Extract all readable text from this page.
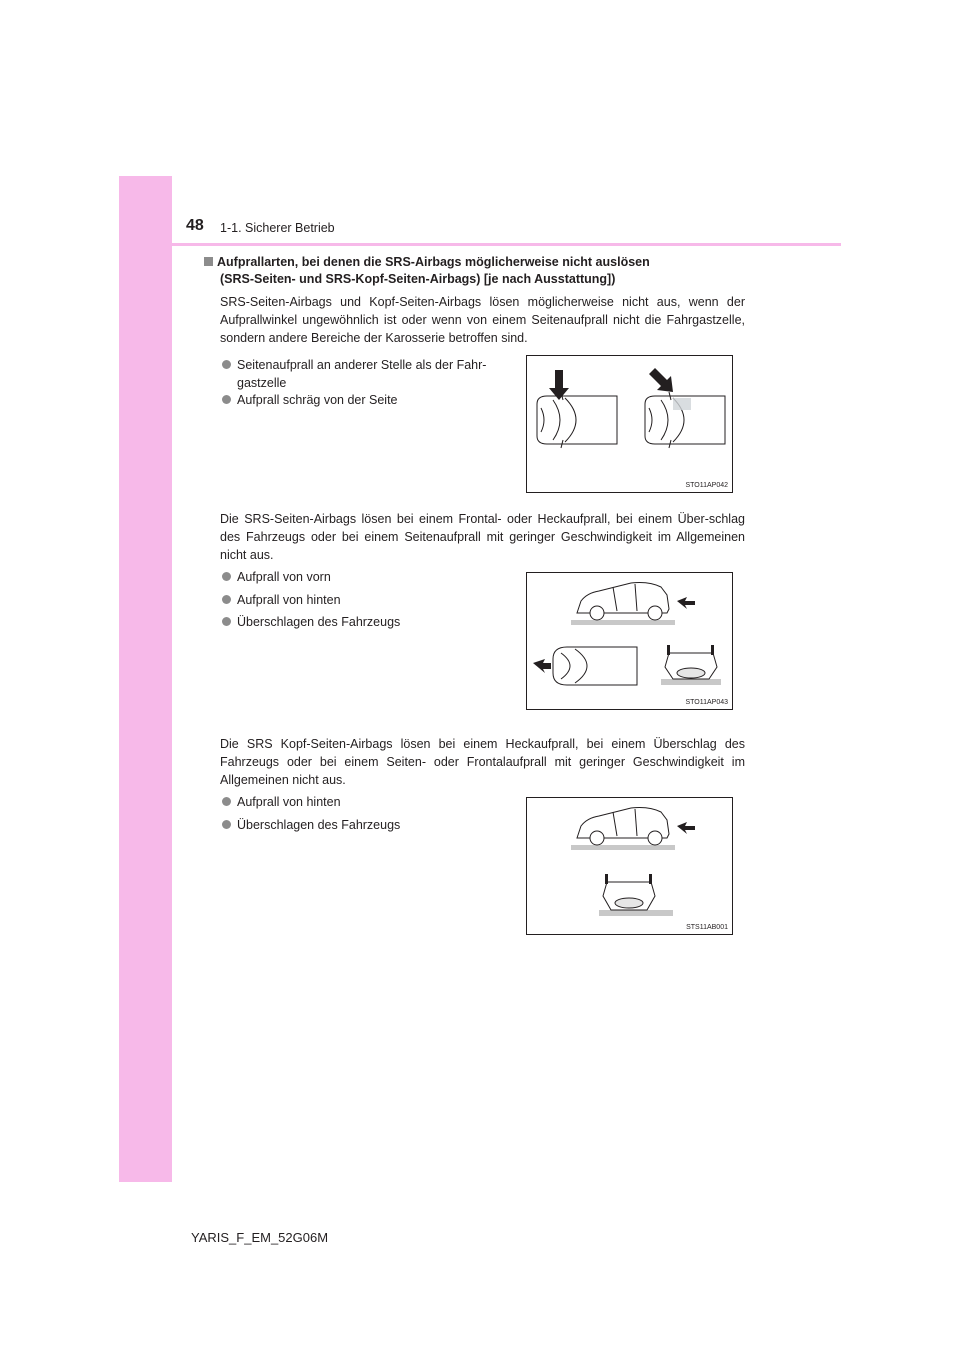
48 1-1. Sicherer Betrieb
Aufprallarten, bei denen die SRS-Airbags möglicherweise nicht auslösen
(SRS-Seiten- und SRS-Kopf-Seiten-Airbags) [je nach Ausstattung])
SRS-Seiten-Airbags und Kopf-Seiten-Airbags lösen möglicherweise nicht aus, wenn der Aufprallwinkel ungewöhnlich ist oder wenn von einem Seitenaufprall nicht die Fahrgastzelle, sondern andere Bereiche der Karosserie betroffen sind.
Seitenaufprall an anderer Stelle als der Fahr-
gastzelle
Aufprall schräg von der Seite
STO11AP042
Die SRS-Seiten-Airbags lösen bei einem Frontal- oder Heckaufprall, bei einem Über-schlag des Fahrzeugs oder bei einem Seitenaufprall mit geringer Geschwindigkeit im Allgemeinen nicht aus.
Aufprall von vorn
Aufprall von hinten
Überschlagen des Fahrzeugs
STO11AP043
Die SRS Kopf-Seiten-Airbags lösen bei einem Heckaufprall, bei einem Überschlag des Fahrzeugs oder bei einem Seiten- oder Frontalaufprall mit geringer Geschwindigkeit im Allgemeinen nicht aus.
Aufprall von hinten
Überschlagen des Fahrzeugs
STS11AB001
YARIS_F_EM_52G06M
